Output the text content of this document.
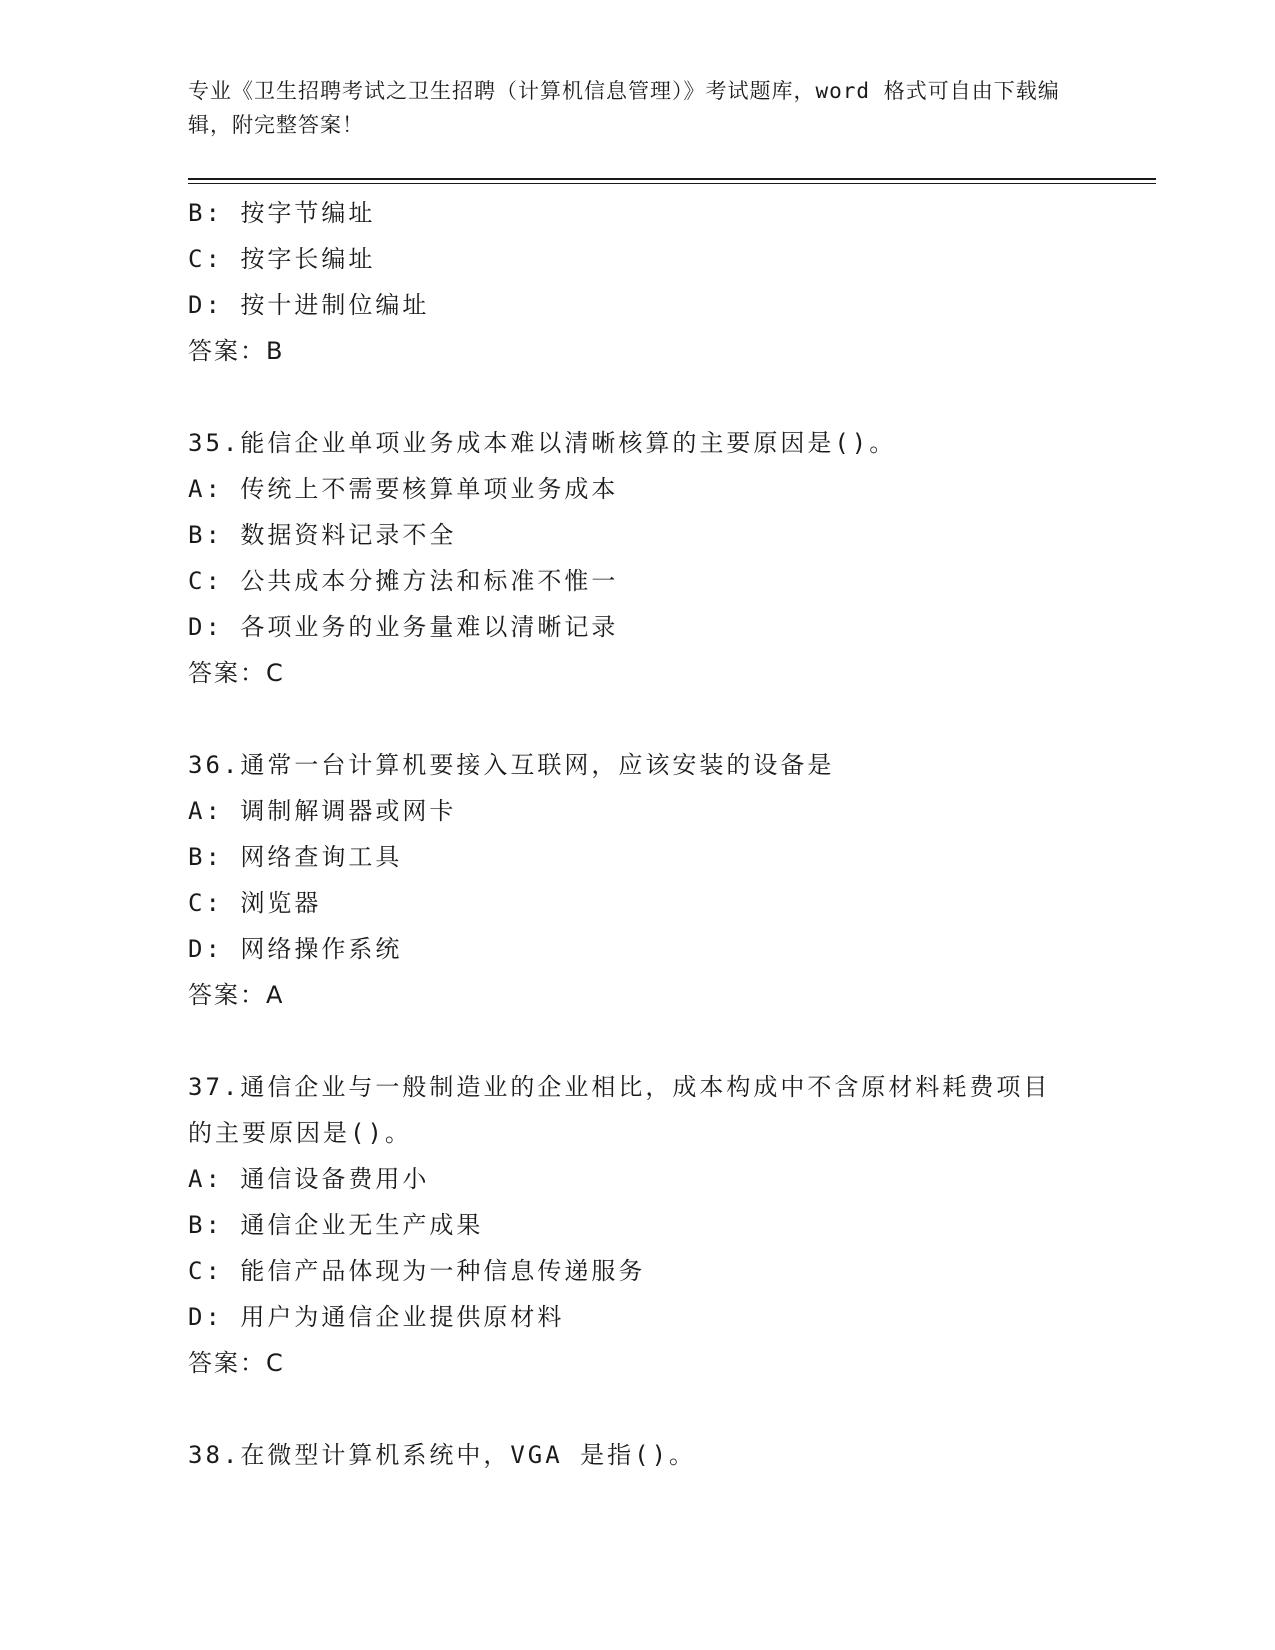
专业《卫生招聘考试之卫生招聘（计算机信息管理）》考试题库，word 格式可自由下载编辑，附完整答案！
B: 按字节编址
C: 按字长编址
D: 按十进制位编址
答案：B
35.能信企业单项业务成本难以清晰核算的主要原因是()。
A: 传统上不需要核算单项业务成本
B: 数据资料记录不全
C: 公共成本分摊方法和标准不惟一
D: 各项业务的业务量难以清晰记录
答案：C
36.通常一台计算机要接入互联网，应该安装的设备是
A: 调制解调器或网卡
B: 网络查询工具
C: 浏览器
D: 网络操作系统
答案：A
37.通信企业与一般制造业的企业相比，成本构成中不含原材料耗费项目的主要原因是()。
A: 通信设备费用小
B: 通信企业无生产成果
C: 能信产品体现为一种信息传递服务
D: 用户为通信企业提供原材料
答案：C
38.在微型计算机系统中，VGA 是指()。
